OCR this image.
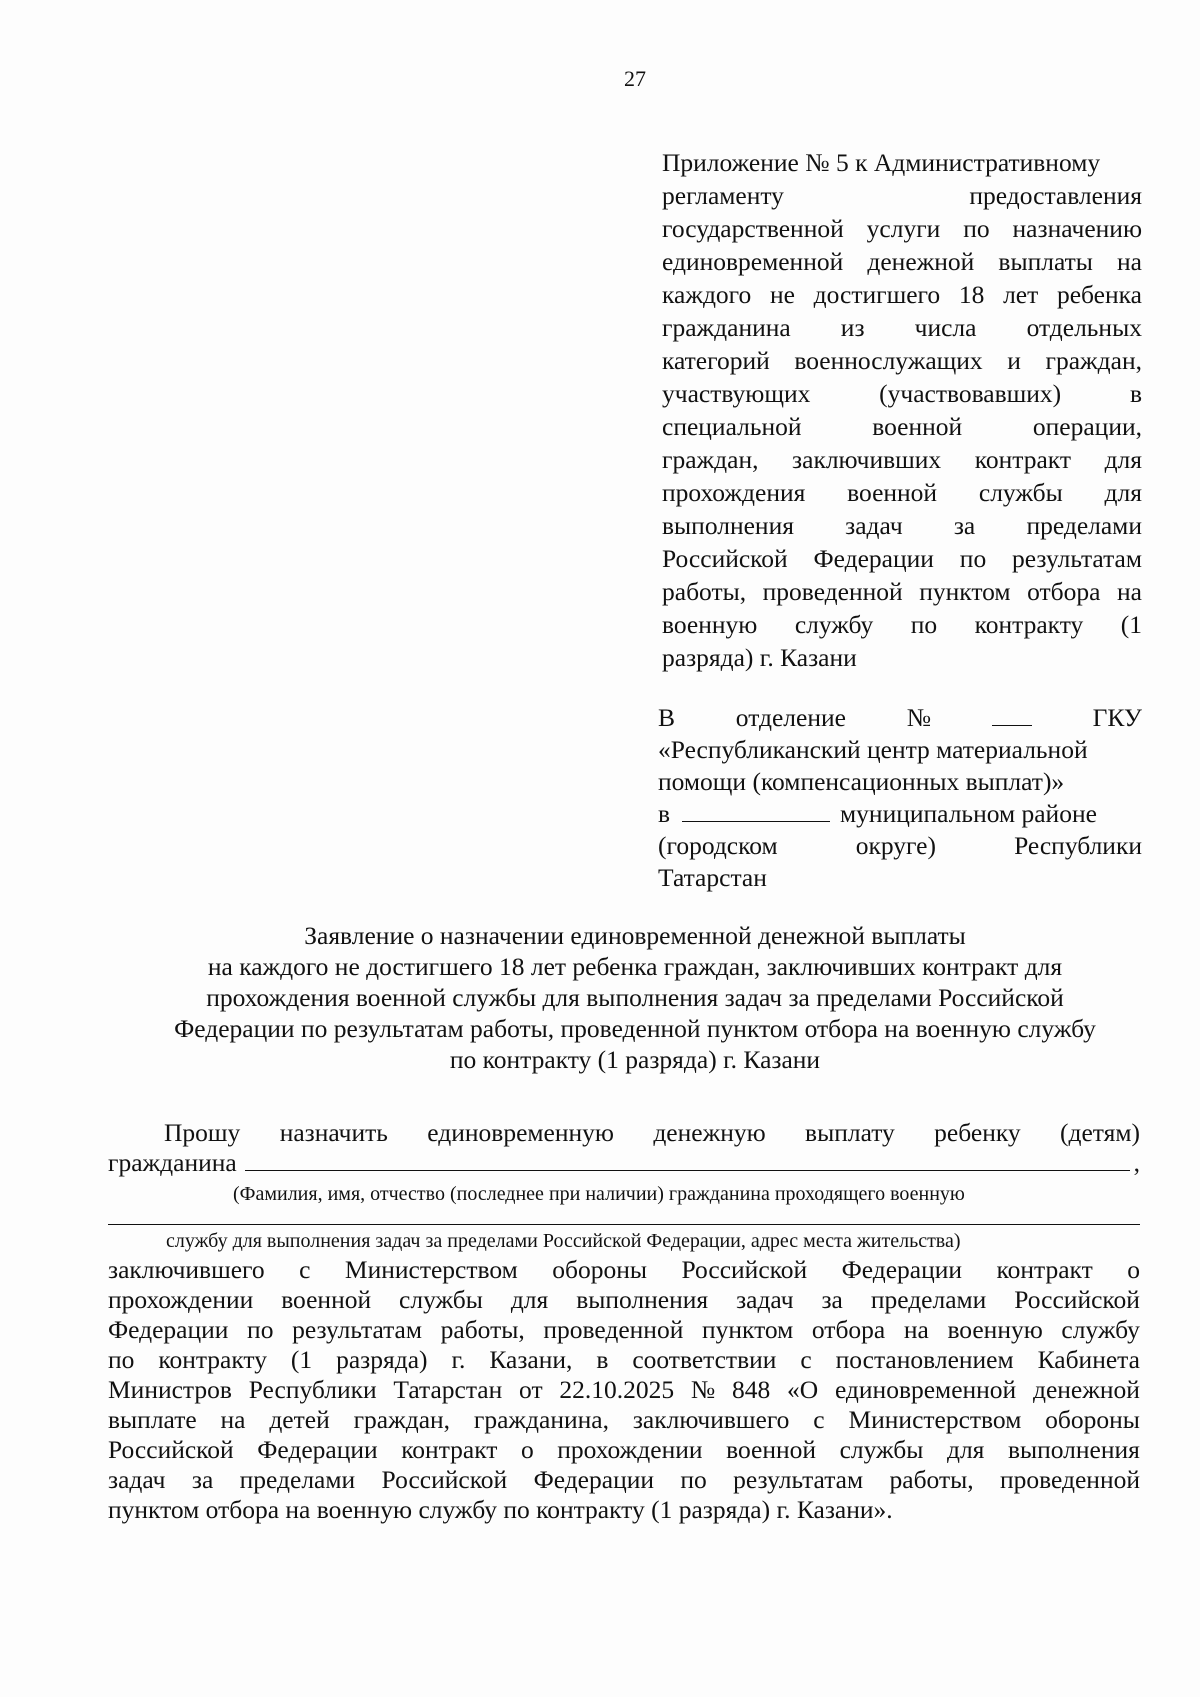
27
Приложение № 5 к Административному
регламенту	предоставления
государственной услуги по назначению
единовременной денежной выплаты на
каждого не достигшего 18 лет ребенка
гражданина из числа отдельных
категорий военнослужащих и граждан,
участвующих	(участвовавших)	в
специальной	военной	операции,
граждан, заключивших контракт для
прохождения военной службы для
выполнения задач за пределами
Российской Федерации по результатам
работы, проведенной пунктом отбора на
военную службу по контракту (1
разряда) г. Казани
В отделение №	ГКУ
«Республиканский центр материальной
помощи (компенсационных выплат)»
в	муниципальном районе
(городском	округе)	Республики
Татарстан
Заявление о назначении единовременной денежной выплаты
на каждого не достигшего 18 лет ребенка граждан, заключивших контракт для
прохождения военной службы для выполнения задач за пределами Российской
Федерации по результатам работы, проведенной пунктом отбора на военную службу
по контракту (1 разряда) г. Казани
Прошу назначить единовременную денежную выплату ребенку (детям)
гражданина	,
(Фамилия, имя, отчество (последнее при наличии) гражданина проходящего военную
службу для выполнения задач за пределами Российской Федерации, адрес места жительства)
заключившего с Министерством обороны Российской Федерации контракт о
прохождении военной службы для выполнения задач за пределами Российской
Федерации по результатам работы, проведенной пунктом отбора на военную службу
по контракту (1 разряда) г. Казани, в соответствии с постановлением Кабинета
Министров Республики Татарстан от 22.10.2025 № 848 «О единовременной денежной
выплате на детей граждан, гражданина, заключившего с Министерством обороны
Российской Федерации контракт о прохождении военной службы для выполнения
задач за пределами Российской Федерации по результатам работы, проведенной
пунктом отбора на военную службу по контракту (1 разряда) г. Казани».
